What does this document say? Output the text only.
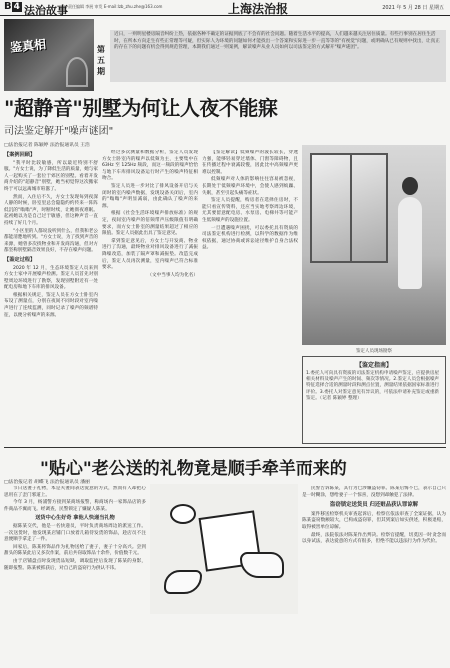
B 4 法治故事 责任编辑 李展 审发 E-mail:lzb_zhu.zhe@163.com	上海法治报	2021 年 5 月 28 日 星期五
鉴真相	第五期
近日，一则明星楼房隔音纠纷上热，依据各种不确定的证据到底了不会有的社会问题。随着生活水平的提高，人们越来越关注居住质量。有些行事别在居住生活时，在所本方向走生有些正常理等可疑，但实际人为环境的问题如何才能找出一个答案和实际进一步一直等等的"有视觉"问题，或明确从已有规则中找出，让真正的存在下的问题有机会得到规范管理，本期我们通过一则案例，解读噪声从业人员如何以司法鉴定的方式解开"噪声谜团"。
"超静音"别墅为何让人夜不能寐
司法鉴定解开"噪声谜团"
□法治报记者 陈颖婷 法治报通讯员 王浩

【案例回顾】

"我平时比较敏感，所以最近特别不舒服。"方女士说，为了降低生活的质量，她与家人一起购买了一套位于郊区的别墅。看着开发商介绍的"超静音"别墅，她当初觉得这次搬家终于可以远离城市喧嚣了。

然而，入住后不久，方女士发现每到夜深人静的时候，卧室里总会隐隐约约传来一阵阵低沉的"嗡嗡"声，时断时续，让她彻夜难眠。起初她以为是自己过于敏感，但这种声音一直持续了好几个月。

"小区里的人都说没听到什么，但我和老公都能清楚地听到。"方女士说，为了找到声音的来源，她曾多次找物业和开发商沟通，但对方都坚称别墅隔音效果良好，不存在噪声问题。

【鉴定过程】

2020 年 12 月，生态环境鉴定人员来到方女士家中开展噪声检测。鉴定人员首先对别墅周边环境进行了勘察，发现别墅附近有一处配电房和地下车库的排风设备。

根据相关规定，鉴定人员在方女士卧室内布设了测量点，分别在夜间不同时段对室内噪声进行了连续监测，同时记录了噪声的频谱特征，以便分析噪声的来源。

经过多次测量和数据分析，鉴定人员发现方女士卧室内的噪声以低频为主，主要集中在 63Hz 至 125Hz 频段，而这一频段的噪声恰恰与地下车库排风设备运行时产生的噪声特征相吻合。

鉴定人员进一步对比了排风设备开启与关闭时的室内噪声数据，发现设备关闭后，室内的"嗡嗡"声明显减弱，由此确认了噪声的来源。

根据《社会生活环境噪声排放标准》的规定，夜间室内噪声的倍频带声压级限值有明确要求，而方女士卧室的测量结果超过了相应的限值。鉴定人员据此出具了鉴定意见。

拿到鉴定意见后，方女士与开发商、物业进行了沟通，最终物业对排风设备进行了减振降噪改造，加装了隔声罩和减振垫。改造完成后，鉴定人员再次测量，室内噪声已符合标准要求。

（文中当事人均为化名）

【鉴定解读】低频噪声的波长较长，穿透力强，能够轻易穿过墙体、门窗等障碍物，且在传播过程中衰减较慢，因此比中高频噪声更难以控制。

低频噪声对人体的影响往往容易被忽视，长期处于低频噪声环境中，会使人感到烦躁、失眠，甚至引起头痛等症状。

鉴定人员提醒，购房者在选择住房时，不能只看宣传资料，还应当实地考察周边环境，尤其要留意配电房、水泵房、电梯井等可能产生低频噪声的设施位置。

一旦遭遇噪声困扰，可以委托具有资质的司法鉴定机构进行检测，以科学的数据作为维权依据，通过协商或诉讼途径维护自身合法权益。

鉴定人员现场勘察
【鉴定指南】
1.委托人可向具有资质的司法鉴定机构申请噪声鉴定，应提供房屋相关材料及噪声产生的时间、频次等情况。2.鉴定人员会根据噪声特征选择合适的测量时段和测点位置，测量结果依据国家标准进行评价。3.委托人对鉴定意见有异议的，可依法申请补充鉴定或重新鉴定。（记者 陈颖婷 整理）
"贴心"老公送的礼物竟是顺手牵羊而来的
□法治报记者 胡蝶飞 法治报通讯员 潘丽

节日送妻子礼物，本是夫妻间表达爱意的方式，然而有人却把心思用在了歪门邪道上。

今年 3 月，杨浦警方接到某商场报警，称商场内一家饰品店的多件商品不翼而飞。经调查，民警锁定了嫌疑人陈某。

送货中心生好奇 拿他人快递当礼物

据陈某交代，他是一名快递员，平时负责商场周边的派送工作。一次送货时，他发现某店铺门口放着几箱待发货的饰品，趁店员不注意便顺手拿走了一件。

回家后，陈某将饰品作为礼物送给了妻子，妻子十分高兴。尝到甜头的陈某此后又多次作案，前后共窃取饰品十余件，价值数千元。

由于店铺盘点时发现货品短缺，调取监控后发现了陈某的身影，随即报警。陈某被抓获后，对自己的盗窃行为供认不讳。

民警告诉陈某，其行为已涉嫌盗窃罪。陈某后悔不已，表示自己只是一时糊涂，想给妻子一个惊喜，没想到却触犯了法律。

盗窃锁定送货员 归还赃品获认罪谅解

案件移送检察机关审查起诉后，检察官依法审查了全案证据，认为陈某盗窃数额较大，已构成盗窃罪，但其到案后如实供述，积极退赔，取得被害单位谅解。

最终，法院依法对陈某作出判决。检察官提醒，切莫因一时贪念而以身试法，表达爱意的方式有很多，但绝不能以违法行为作为代价。
